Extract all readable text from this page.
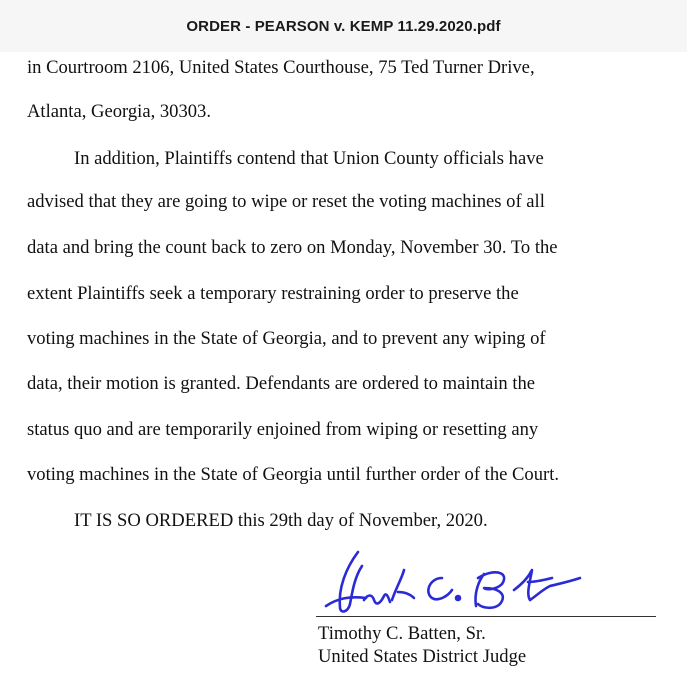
ORDER - PEARSON v. KEMP 11.29.2020.pdf
in Courtroom 2106, United States Courthouse, 75 Ted Turner Drive,
Atlanta, Georgia, 30303.
In addition, Plaintiffs contend that Union County officials have
advised that they are going to wipe or reset the voting machines of all
data and bring the count back to zero on Monday, November 30. To the
extent Plaintiffs seek a temporary restraining order to preserve the
voting machines in the State of Georgia, and to prevent any wiping of
data, their motion is granted. Defendants are ordered to maintain the
status quo and are temporarily enjoined from wiping or resetting any
voting machines in the State of Georgia until further order of the Court.
IT IS SO ORDERED this 29th day of November, 2020.
Timothy C. Batten, Sr.
United States District Judge
